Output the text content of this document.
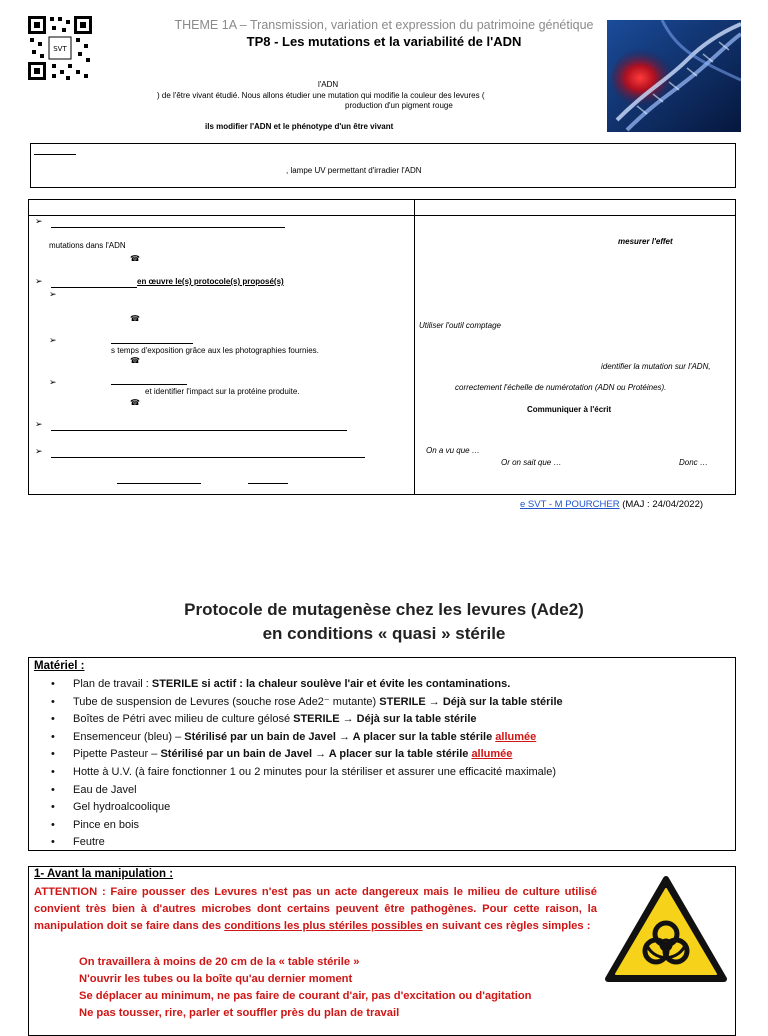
SVT
THEME 1A – Transmission, variation et expression du patrimoine génétique
TP8 - Les mutations et la variabilité de l'ADN
l'ADN
) de l'être vivant étudié. Nous allons étudier une mutation qui modifie la couleur des levures (
production d'un pigment rouge
ils modifier l'ADN et le phénotype d'un être vivant
, lampe UV permettant d'irradier l'ADN
➢
mutations dans l'ADN
☎
➢	en œuvre le(s) protocole(s) proposé(s)
➢
☎
➢
s temps d'exposition grâce aux les photographies fournies.
☎
➢
et identifier l'impact sur la protéine produite.
☎
➢
➢
mesurer l'effet
Utiliser l'outil comptage
identifier la mutation sur l'ADN,
correctement l'échelle de numérotation (ADN ou Protéines).
Communiquer à l'écrit
On a vu que …
Or on sait que …	Donc …
e SVT - M POURCHER (MAJ : 24/04/2022)
Protocole de mutagenèse chez les levures (Ade2)
en conditions « quasi » stérile
Matériel :
• Plan de travail : STERILE si actif : la chaleur soulève l'air et évite les contaminations.
• Tube de suspension de Levures (souche rose Ade2⁻ mutante) STERILE → Déjà sur la table stérile
• Boîtes de Pétri avec milieu de culture gélosé STERILE → Déjà sur la table stérile
• Ensemenceur (bleu) – Stérilisé par un bain de Javel → A placer sur la table stérile allumée
• Pipette Pasteur – Stérilisé par un bain de Javel → A placer sur la table stérile allumée
• Hotte à U.V. (à faire fonctionner 1 ou 2 minutes pour la stériliser et assurer une efficacité maximale)
• Eau de Javel
• Gel hydroalcoolique
• Pince en bois
• Feutre
1- Avant la manipulation :
ATTENTION : Faire pousser des Levures n'est pas un acte dangereux mais le milieu de culture utilisé convient très bien à d'autres microbes dont certains peuvent être pathogènes. Pour cette raison, la manipulation doit se faire dans des conditions les plus stériles possibles en suivant ces règles simples :
On travaillera à moins de 20 cm de la « table stérile »
N'ouvrir les tubes ou la boîte qu'au dernier moment
Se déplacer au minimum, ne pas faire de courant d'air, pas d'excitation ou d'agitation
Ne pas tousser, rire, parler et souffler près du plan de travail
